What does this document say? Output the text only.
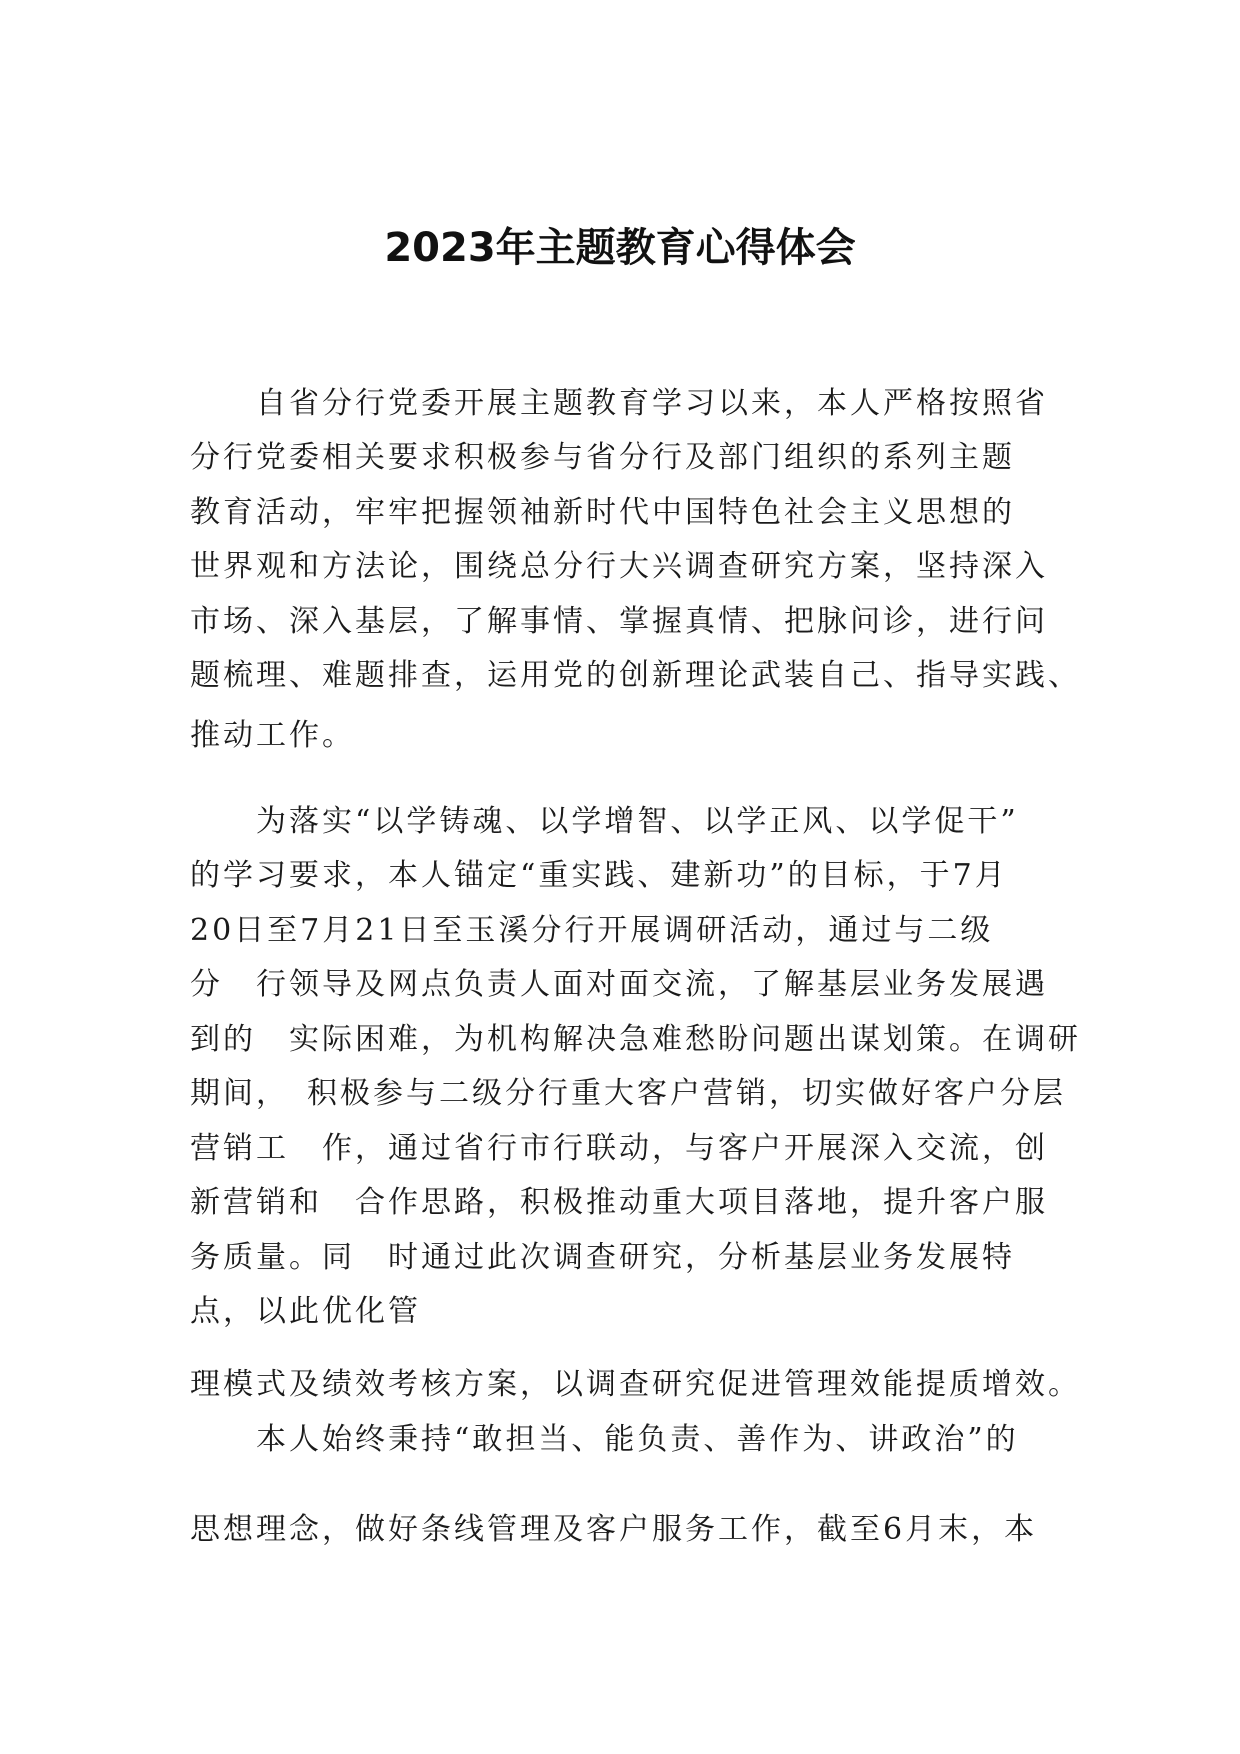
2023年主题教育心得体会

　　自省分行党委开展主题教育学习以来，本人严格按照省

分行党委相关要求积极参与省分行及部门组织的系列主题

教育活动，牢牢把握领袖新时代中国特色社会主义思想的

世界观和方法论，围绕总分行大兴调查研究方案，坚持深入

市场、深入基层，了解事情、掌握真情、把脉问诊，进行问

题梳理、难题排查，运用党的创新理论武装自己、指导实践、

推动工作。

　　为落实“以学铸魂、以学增智、以学正风、以学促干”

的学习要求，本人锚定“重实践、建新功”的目标，于7月

20日至7月21日至玉溪分行开展调研活动，通过与二级

分　行领导及网点负责人面对面交流，了解基层业务发展遇

到的　实际困难，为机构解决急难愁盼问题出谋划策。在调研

期间，　积极参与二级分行重大客户营销，切实做好客户分层

营销工　作，通过省行市行联动，与客户开展深入交流，创

新营销和　合作思路，积极推动重大项目落地，提升客户服

务质量。同　时通过此次调查研究，分析基层业务发展特

点，以此优化管

理模式及绩效考核方案，以调查研究促进管理效能提质增效。

　　本人始终秉持“敢担当、能负责、善作为、讲政治”的

思想理念，做好条线管理及客户服务工作，截至6月末，本
